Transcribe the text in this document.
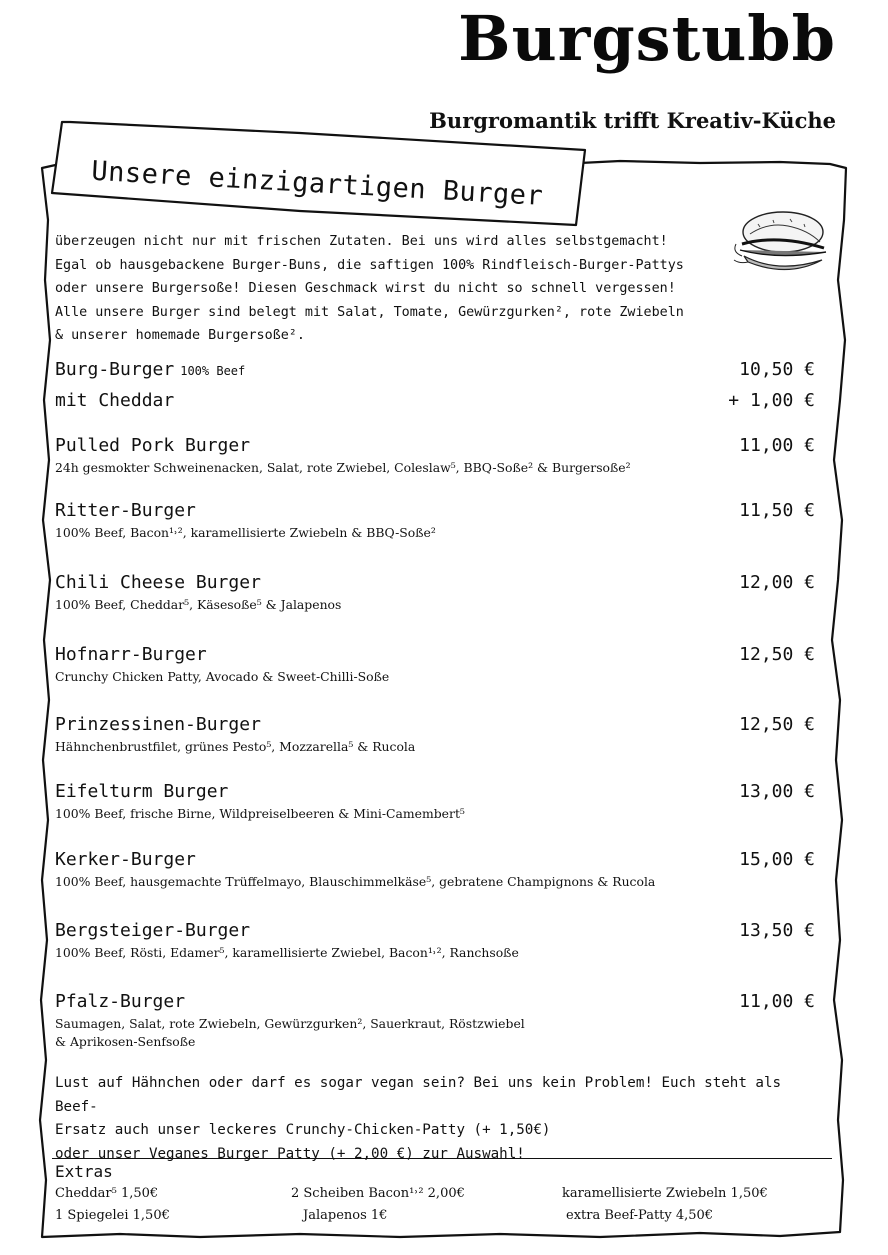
Burgstubb
Burgromantik trifft Kreativ-Küche
Unsere einzigartigen Burger
überzeugen nicht nur mit frischen Zutaten. Bei uns wird alles selbstgemacht!
Egal ob hausgebackene Burger-Buns, die saftigen 100% Rindfleisch-Burger-Pattys
oder unsere Burgersoße! Diesen Geschmack wirst du nicht so schnell vergessen!
Alle unsere Burger sind belegt mit Salat, Tomate, Gewürzgurken², rote Zwiebeln
& unserer homemade Burgersoße².
Burg-Burger 100% Beef	10,50 €
mit Cheddar	+ 1,00 €
Pulled Pork Burger	11,00 €
24h gesmokter Schweinenacken, Salat, rote Zwiebel, Coleslaw⁵, BBQ-Soße² & Burgersoße²
Ritter-Burger	11,50 €
100% Beef, Bacon¹˒², karamellisierte Zwiebeln & BBQ-Soße²
Chili Cheese Burger	12,00 €
100% Beef, Cheddar⁵, Käsesoße⁵ & Jalapenos
Hofnarr-Burger	12,50 €
Crunchy Chicken Patty, Avocado & Sweet-Chilli-Soße
Prinzessinen-Burger	12,50 €
Hähnchenbrustfilet, grünes Pesto⁵, Mozzarella⁵ & Rucola
Eifelturm Burger	13,00 €
100% Beef, frische Birne, Wildpreiselbeeren & Mini-Camembert⁵
Kerker-Burger	15,00 €
100% Beef, hausgemachte Trüffelmayo, Blauschimmelkäse⁵, gebratene Champignons & Rucola
Bergsteiger-Burger	13,50 €
100% Beef, Rösti, Edamer⁵, karamellisierte Zwiebel, Bacon¹˒², Ranchsoße
Pfalz-Burger	11,00 €
Saumagen, Salat, rote Zwiebeln, Gewürzgurken², Sauerkraut, Röstzwiebel
& Aprikosen-Senfsoße
Lust auf Hähnchen oder darf es sogar vegan sein? Bei uns kein Problem! Euch steht als Beef-
Ersatz auch unser leckeres Crunchy-Chicken-Patty (+ 1,50€)
oder unser Veganes Burger Patty (+ 2,00 €) zur Auswahl!
Extras
Cheddar⁵ 1,50€	2 Scheiben Bacon¹˒² 2,00€	karamellisierte Zwiebeln 1,50€
1 Spiegelei 1,50€	Jalapenos 1€	extra Beef-Patty 4,50€
